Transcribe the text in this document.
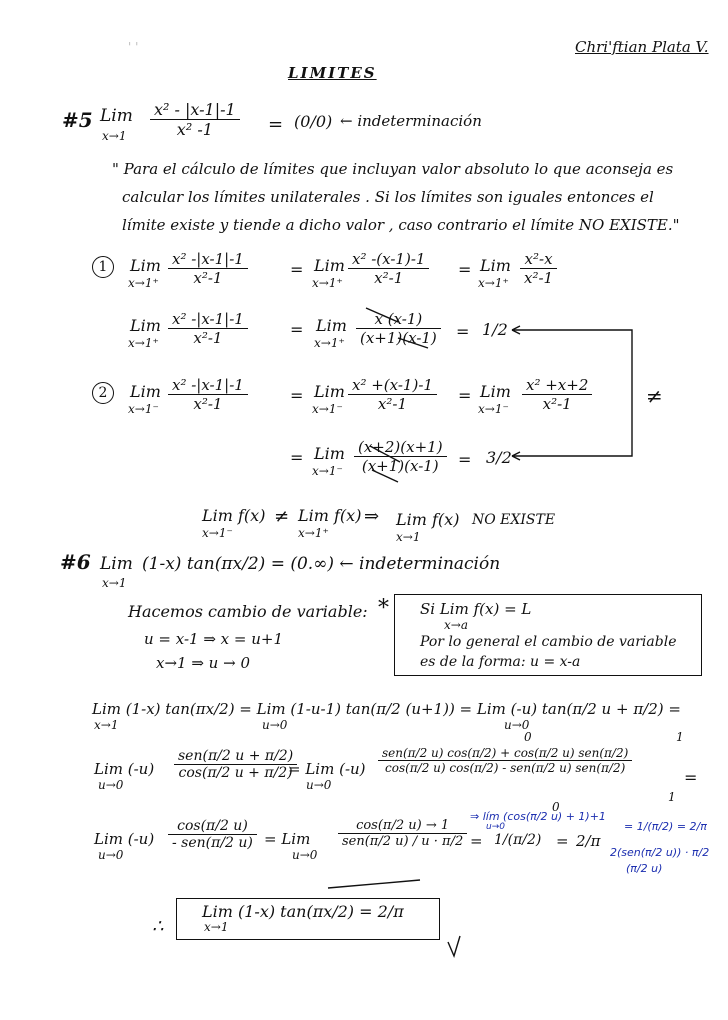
' '	Chri'ftian Plata V.
LIMITES
#5 Lim
x→1
x² - |x-1|-1
x² -1	= (0/0) ← indeterminación
" Para el cálculo de límites que incluyan valor absoluto lo que aconseja es
calcular los límites unilaterales . Si los límites son iguales entonces el
límite existe y tiende a dicho valor , caso contrario el límite NO EXISTE."
1	Lim
x→1⁺
x² -|x-1|-1
x²-1	= Lim
x→1⁺
x² -(x-1)-1
x²-1	= Lim
x→1⁺
x²-x
x²-1
Lim
x→1⁺
x² -|x-1|-1
x²-1	= Lim
x→1⁺
x (x-1)
(x+1)(x-1) = 1/2
2	Lim
x→1⁻
x² -|x-1|-1
x²-1	= Lim
x→1⁻
x² +(x-1)-1
x²-1	= Lim
x→1⁻
x² +x+2
x²-1	≠
= Lim
x→1⁻
(x+2)(x+1)
(x+1)(x-1) = 3/2
Lim f(x)
x→1⁻
≠ Lim f(x)
x→1⁺
⇒ Lim f(x)
x→1
NO EXISTE
#6 Lim
x→1
(1-x) tan(πx/2) = (0.∞) ← indeterminación
Hacemos cambio de variable:
u = x-1 ⇒ x = u+1
x→1 ⇒ u → 0
* Si Lim f(x) = L
x→a
Por lo general el cambio de variable
es de la forma: u = x-a
Lim (1-x) tan(πx/2) = Lim (1-u-1) tan(π/2 (u+1)) = Lim (-u) tan(π/2 u + π/2) =
x→1	u→0	u→0
Lim (-u)
u→0
sen(π/2 u + π/2)
cos(π/2 u + π/2)
= Lim (-u)
u→0
sen(π/2 u) cos(π/2) + cos(π/2 u) sen(π/2)
cos(π/2 u) cos(π/2) - sen(π/2 u) sen(π/2)
0	1
0
1
=
Lim (-u)
u→0
cos(π/2 u)
- sen(π/2 u) = Lim
u→0
cos(π/2 u) → 1
sen(π/2 u) / u · π/2 = 1/(π/2) = 2/π
⇒ lím (cos(π/2 u) + 1)+1
u→0
2(sen(π/2 u)) · π/2
(π/2 u)
= 1/(π/2) = 2/π
∴
Lim (1-x) tan(πx/2) = 2/π
x→1
